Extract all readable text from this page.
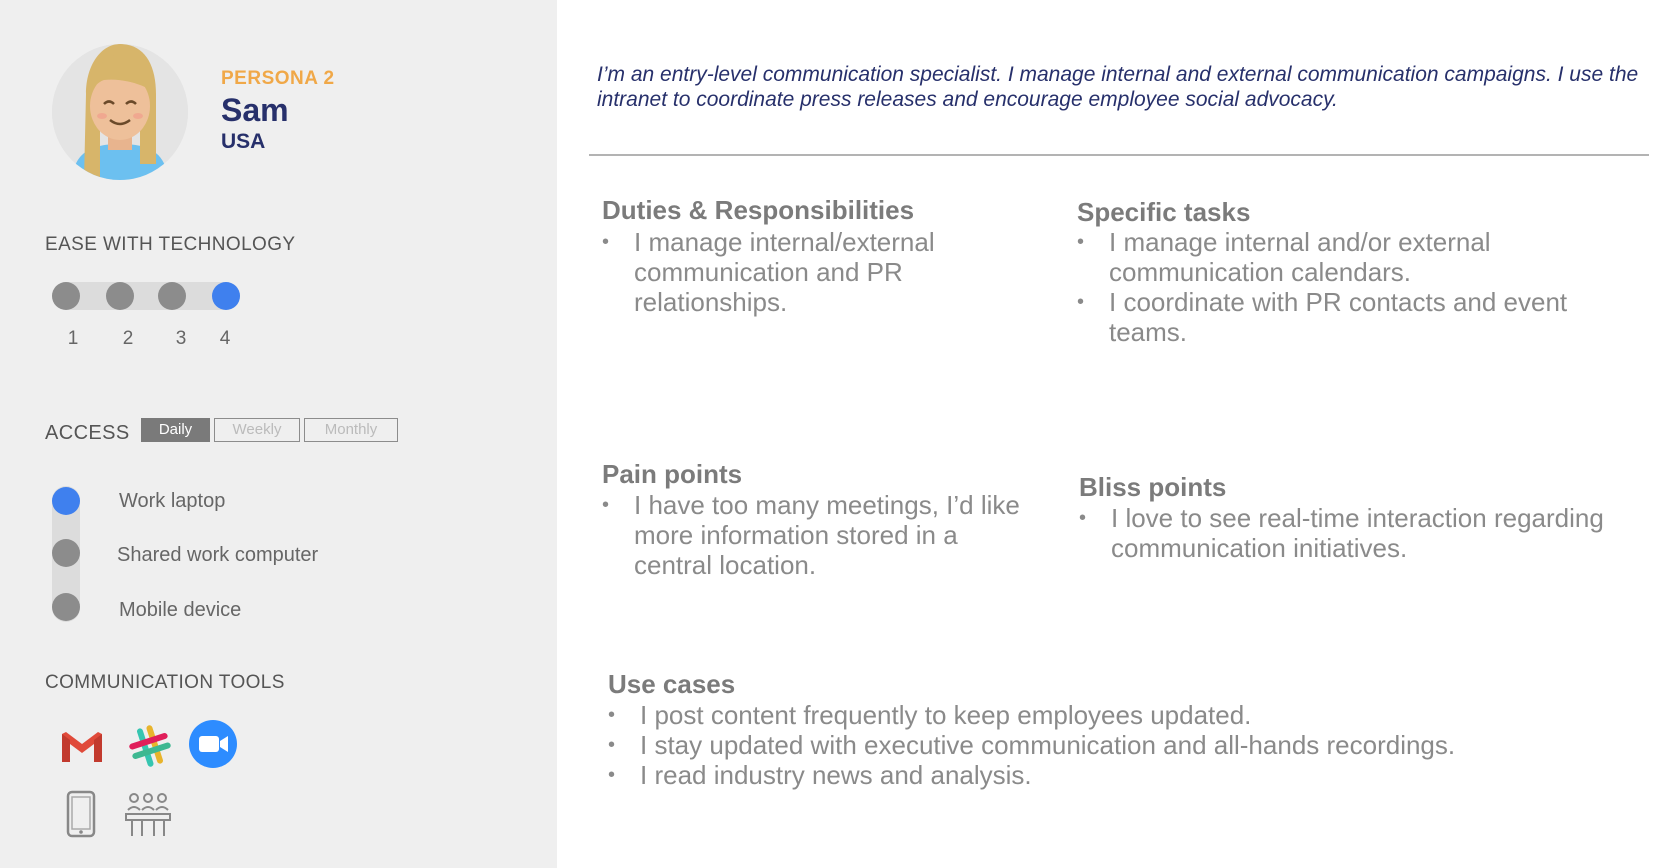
PERSONA 2
Sam
USA
EASE WITH TECHNOLOGY
1 2 3 4
ACCESS	Daily	Weekly	Monthly
Work laptop
Shared work computer
Mobile device
COMMUNICATION TOOLS
I’m an entry-level communication specialist. I manage internal and external communication campaigns. I use the intranet to coordinate press releases and encourage employee social advocacy.
Duties & Responsibilities
• I manage internal/external communication and PR relationships.
Specific tasks
• I manage internal and/or external communication calendars.
• I coordinate with PR contacts and event teams.
Pain points
• I have too many meetings, I’d like more information stored in a central location.
Bliss points
• I love to see real-time interaction regarding communication initiatives.
Use cases
• I post content frequently to keep employees updated.
• I stay updated with executive communication and all-hands recordings.
• I read industry news and analysis.
